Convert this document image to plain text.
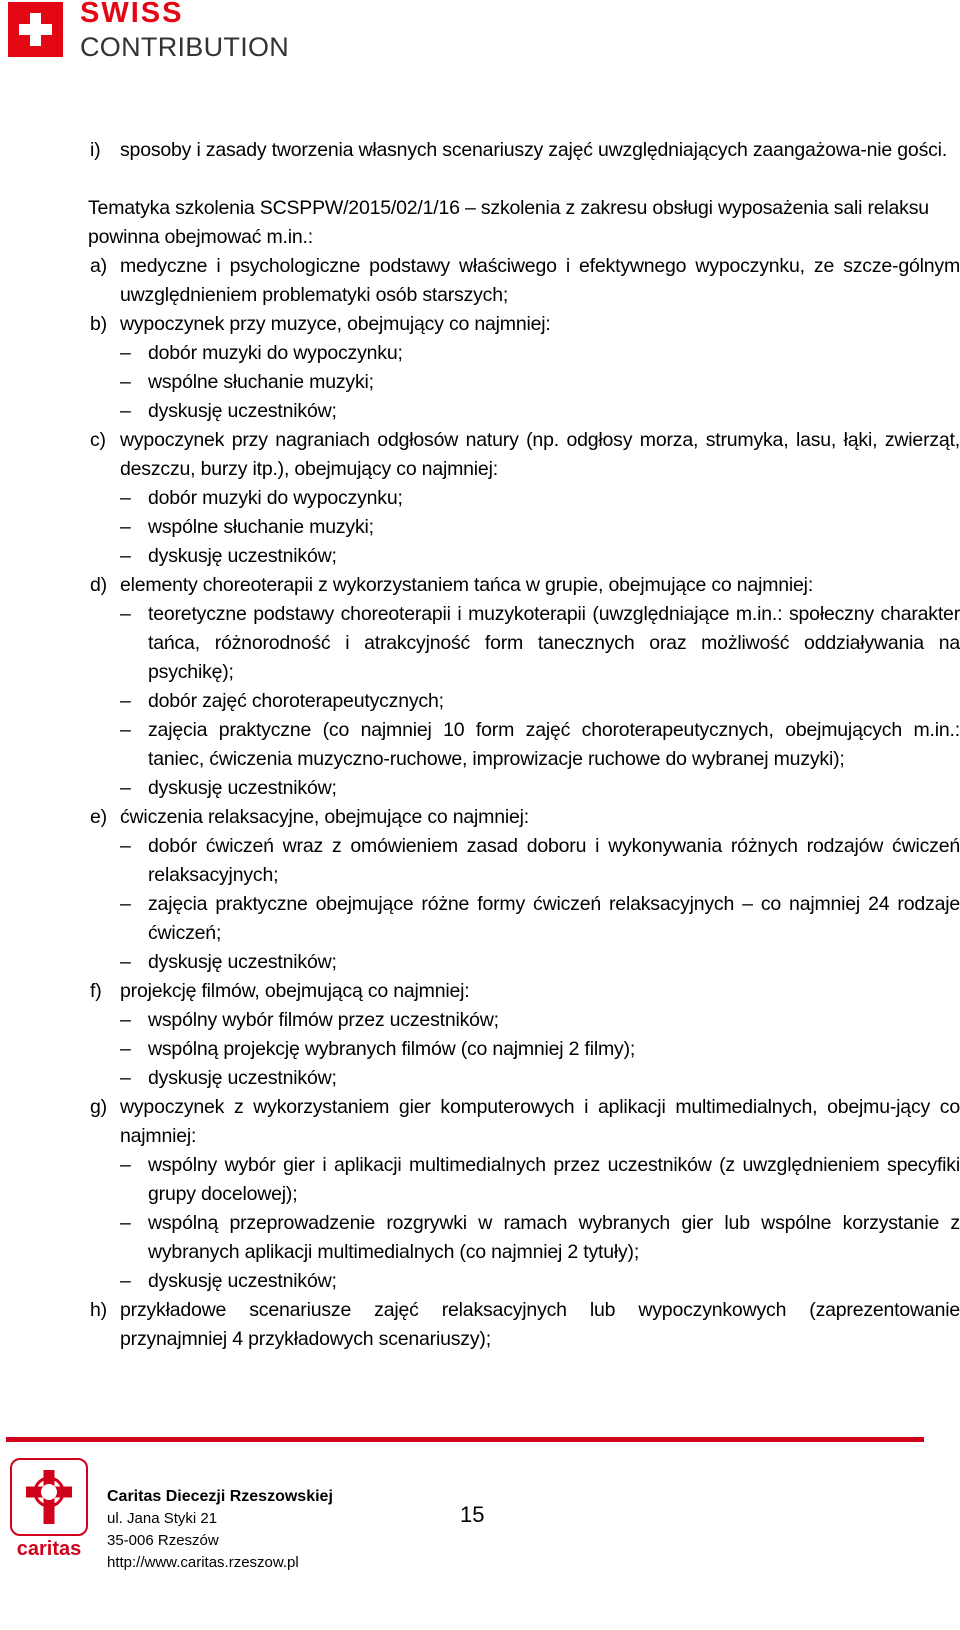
SWISS
CONTRIBUTION
i) sposoby i zasady tworzenia własnych scenariuszy zajęć uwzględniających zaangażowa-nie gości.

Tematyka szkolenia SCSPPW/2015/02/1/16 – szkolenia z zakresu obsługi wyposażenia sali relaksu powinna obejmować m.in.:

a) medyczne i psychologiczne podstawy właściwego i efektywnego wypoczynku, ze szcze-gólnym uwzględnieniem problematyki osób starszych;
b) wypoczynek przy muzyce, obejmujący co najmniej:
– dobór muzyki do wypoczynku;
– wspólne słuchanie muzyki;
– dyskusję uczestników;
c) wypoczynek przy nagraniach odgłosów natury (np. odgłosy morza, strumyka, lasu, łąki, zwierząt, deszczu, burzy itp.), obejmujący co najmniej:
– dobór muzyki do wypoczynku;
– wspólne słuchanie muzyki;
– dyskusję uczestników;
d) elementy choreoterapii z wykorzystaniem tańca w grupie, obejmujące co najmniej:
– teoretyczne podstawy choreoterapii i muzykoterapii (uwzględniające m.in.: społeczny charakter tańca, różnorodność i atrakcyjność form tanecznych oraz możliwość oddziaływania na psychikę);
– dobór zajęć choroterapeutycznych;
– zajęcia praktyczne (co najmniej 10 form zajęć choroterapeutycznych, obejmujących m.in.: taniec, ćwiczenia muzyczno-ruchowe, improwizacje ruchowe do wybranej muzyki);
– dyskusję uczestników;
e) ćwiczenia relaksacyjne, obejmujące co najmniej:
– dobór ćwiczeń wraz z omówieniem zasad doboru i wykonywania różnych rodzajów ćwiczeń relaksacyjnych;
– zajęcia praktyczne obejmujące różne formy ćwiczeń relaksacyjnych – co najmniej 24 rodzaje ćwiczeń;
– dyskusję uczestników;
f) projekcję filmów, obejmującą co najmniej:
– wspólny wybór filmów przez uczestników;
– wspólną projekcję wybranych filmów (co najmniej 2 filmy);
– dyskusję uczestników;
g) wypoczynek z wykorzystaniem gier komputerowych i aplikacji multimedialnych, obejmu-jący co najmniej:
– wspólny wybór gier i aplikacji multimedialnych przez uczestników (z uwzględnieniem specyfiki grupy docelowej);
– wspólną przeprowadzenie rozgrywki w ramach wybranych gier lub wspólne korzystanie z wybranych aplikacji multimedialnych (co najmniej 2 tytuły);
– dyskusję uczestników;
h) przykładowe scenariusze zajęć relaksacyjnych lub wypoczynkowych (zaprezentowanie przynajmniej 4 przykładowych scenariuszy);
caritas
Caritas Diecezji Rzeszowskiej
ul. Jana Styki 21
35-006 Rzeszów
http://www.caritas.rzeszow.pl
15
